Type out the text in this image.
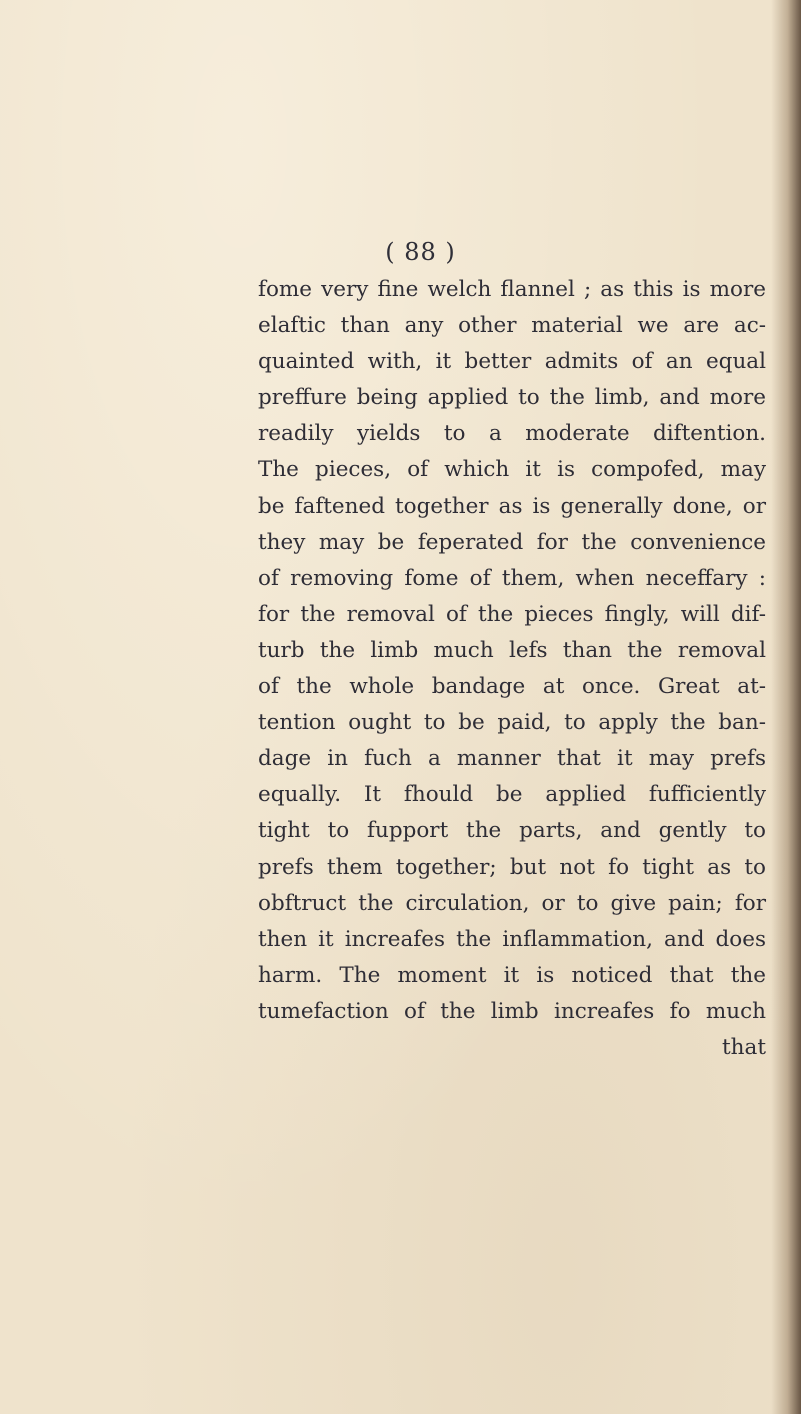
( 88 )
fome very fine welch flannel ; as this is more
elaftic than any other material we are ac-
quainted with, it better admits of an equal
preffure being applied to the limb, and more
readily yields to a moderate diftention.
The pieces, of which it is compofed, may
be faftened together as is generally done, or
they may be feperated for the convenience
of removing fome of them, when neceffary :
for the removal of the pieces fingly, will dif-
turb the limb much lefs than the removal
of the whole bandage at once. Great at-
tention ought to be paid, to apply the ban-
dage in fuch a manner that it may prefs
equally. It fhould be applied fufficiently
tight to fupport the parts, and gently to
prefs them together; but not fo tight as to
obftruct the circulation, or to give pain; for
then it increafes the inflammation, and does
harm. The moment it is noticed that the
tumefaction of the limb increafes fo much
that
